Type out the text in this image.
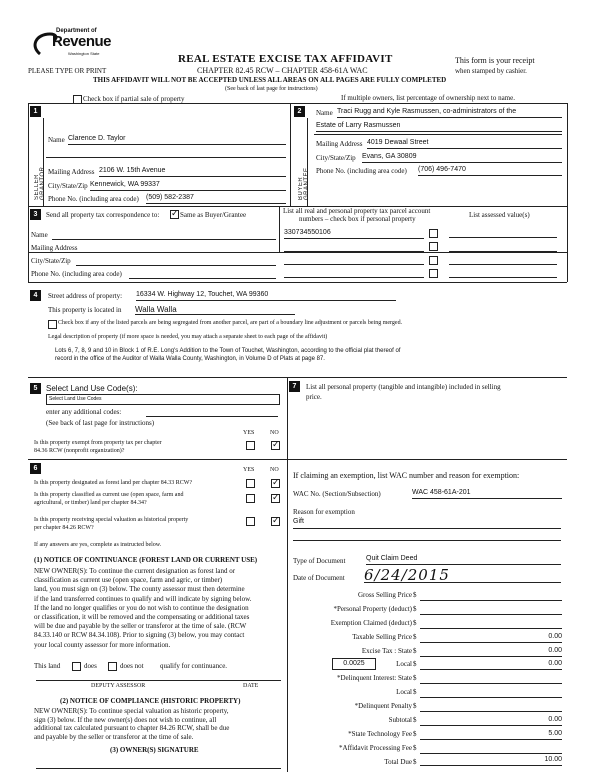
Department of
Revenue
Washington State
PLEASE TYPE OR PRINT
REAL ESTATE EXCISE TAX AFFIDAVIT
CHAPTER 82.45 RCW – CHAPTER 458-61A WAC
THIS AFFIDAVIT WILL NOT BE ACCEPTED UNLESS ALL AREAS ON ALL PAGES ARE FULLY COMPLETED
(See back of last page for instructions)
This form is your receipt
when stamped by cashier.
Check box if partial sale of property	If multiple owners, list percentage of ownership next to name.
1
SELLER
Name Clarence D. Taylor
Mailing Address 2106 W. 15th Avenue
City/State/Zip Kennewick, WA 99337
Phone No. (including area code) (509) 582-2387
2
BUYER
Name Traci Rugg and Kyle Rasmussen, co-administrators of the
Estate of Larry Rasmussen
Mailing Address 4019 Dewaal Street
City/State/Zip Evans, GA 30809
Phone No. (including area code) (706) 496-7470
3	Send all property tax correspondence to:
✓	Same as Buyer/Grantee	List all real and personal property tax parcel account
numbers – check box if personal property	List assessed value(s)
Name
Mailing Address
330734550106
City/State/Zip
Phone No. (including area code)
4	Street address of property: 16334 W. Highway 12, Touchet, WA 99360
This property is located in Walla Walla
Check box if any of the listed parcels are being segregated from another parcel, are part of a boundary line adjustment or parcels being merged.
Legal description of property (if more space is needed, you may attach a separate sheet to each page of the affidavit)
Lots 6, 7, 8, 9 and 10 in Block 1 of R.E. Long's Addition to the Town of Touchet, Washington, according to the official plat thereof of
record in the office of the Auditor of Walla Walla County, Washington, in Volume D of Plats at page 87.
5	Select Land Use Code(s):
Select Land Use Codes
enter any additional codes:
(See back of last page for instructions)
YES	NO
Is this property exempt from property tax per chapter
84.36 RCW (nonprofit organization)?
✓
6	YES	NO
Is this property designated as forest land per chapter 84.33 RCW?
✓
Is this property classified as current use (open space, farm and
agricultural, or timber) land per chapter 84.34?
✓
Is this property receiving special valuation as historical property
per chapter 84.26 RCW?
✓
If any answers are yes, complete as instructed below.
(1) NOTICE OF CONTINUANCE (FOREST LAND OR CURRENT USE)
NEW OWNER(S): To continue the current designation as forest land or
classification as current use (open space, farm and agric, or timber)
land, you must sign on (3) below. The county assessor must then determine
if the land transferred continues to qualify and will indicate by signing below.
If the land no longer qualifies or you do not wish to continue the designation
or classification, it will be removed and the compensating or additional taxes
will be due and payable by the seller or transferor at the time of sale. (RCW
84.33.140 or RCW 84.34.108). Prior to signing (3) below, you may contact
your local county assessor for more information.
This land	does	does not qualify for continuance.
DEPUTY ASSESSOR	DATE
(2) NOTICE OF COMPLIANCE (HISTORIC PROPERTY)
NEW OWNER(S): To continue special valuation as historic property,
sign (3) below. If the new owner(s) does not wish to continue, all
additional tax calculated pursuant to chapter 84.26 RCW, shall be due
and payable by the seller or transferor at the time of sale.
(3) OWNER(S) SIGNATURE
7	List all personal property (tangible and intangible) included in selling
price.
If claiming an exemption, list WAC number and reason for exemption:
WAC No. (Section/Subsection)	WAC 458-61A-201
Reason for exemption
Gift
Type of Document	Quit Claim Deed
Date of Document 6/24/2015
Gross Selling Price $
*Personal Property (deduct) $
Exemption Claimed (deduct) $
Taxable Selling Price $	0.00
Excise Tax : State $	0.00
0.0025	Local $	0.00
*Delinquent Interest: State $
Local $
*Delinquent Penalty $
Subtotal $	0.00
*State Technology Fee $	5.00
*Affidavit Processing Fee $
Total Due $	10.00
